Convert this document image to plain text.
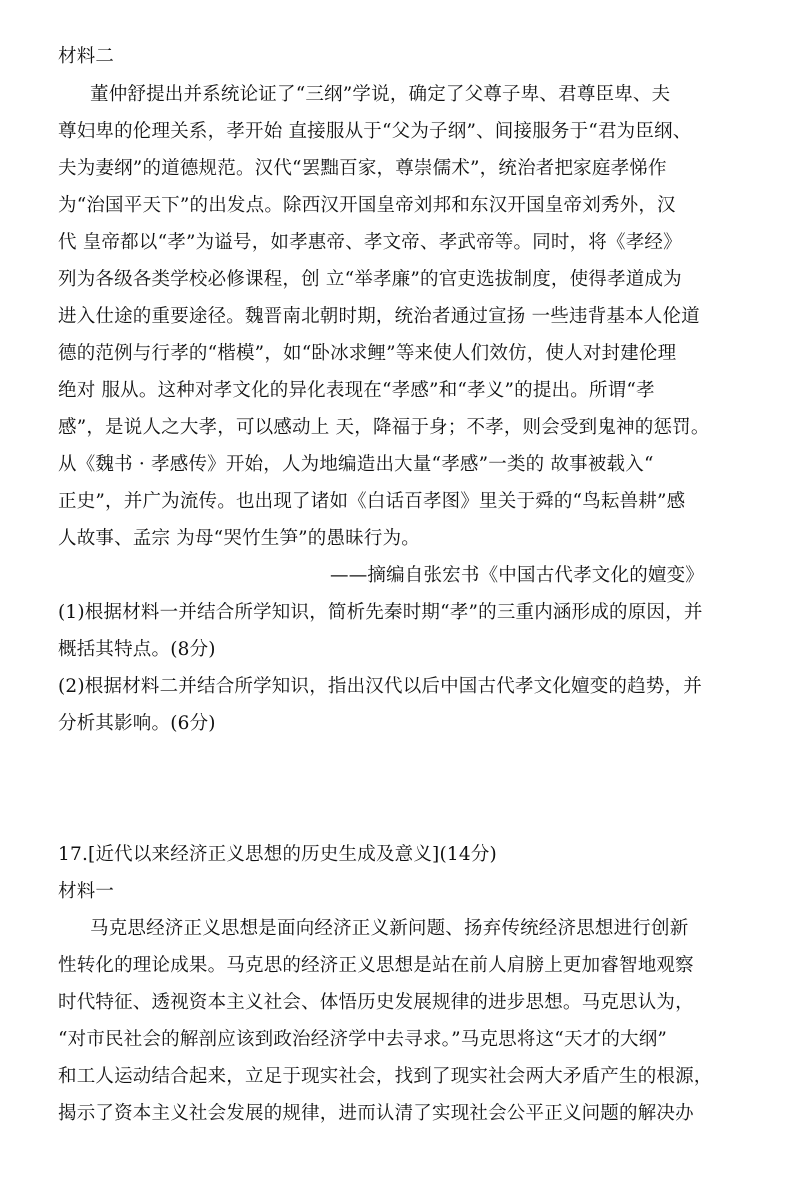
材料二
董仲舒提出并系统论证了“三纲”学说，确定了父尊子卑、君尊臣卑、夫
尊妇卑的伦理关系，孝开始 直接服从于“父为子纲”、间接服务于“君为臣纲、
夫为妻纲”的道德规范。汉代“罢黜百家，尊崇儒术”，统治者把家庭孝悌作
为“治国平天下”的出发点。除西汉开国皇帝刘邦和东汉开国皇帝刘秀外，汉
代 皇帝都以“孝”为谥号，如孝惠帝、孝文帝、孝武帝等。同时，将《孝经》
列为各级各类学校必修课程，创 立“举孝廉”的官吏选拔制度，使得孝道成为
进入仕途的重要途径。魏晋南北朝时期，统治者通过宣扬 一些违背基本人伦道
德的范例与行孝的“楷模”，如“卧冰求鲤”等来使人们效仿，使人对封建伦理
绝对 服从。这种对孝文化的异化表现在“孝感”和“孝义”的提出。所谓“孝
感”，是说人之大孝，可以感动上 天，降福于身；不孝，则会受到鬼神的惩罚。
从《魏书 · 孝感传》开始，人为地编造出大量“孝感”一类的 故事被载入“
正史”，并广为流传。也出现了诸如《白话百孝图》里关于舜的“鸟耘兽耕”感
人故事、孟宗 为母“哭竹生笋”的愚昧行为。
——摘编自张宏书《中国古代孝文化的嬗变》
(1)根据材料一并结合所学知识，简析先秦时期“孝”的三重内涵形成的原因，并
概括其特点。(8分)
(2)根据材料二并结合所学知识，指出汉代以后中国古代孝文化嬗变的趋势，并
分析其影响。(6分)
17.[近代以来经济正义思想的历史生成及意义](14分)
材料一
马克思经济正义思想是面向经济正义新问题、扬弃传统经济思想进行创新
性转化的理论成果。马克思的经济正义思想是站在前人肩膀上更加睿智地观察
时代特征、透视资本主义社会、体悟历史发展规律的进步思想。马克思认为，
“对市民社会的解剖应该到政治经济学中去寻求。”马克思将这“天才的大纲”
和工人运动结合起来，立足于现实社会，找到了现实社会两大矛盾产生的根源，
揭示了资本主义社会发展的规律，进而认清了实现社会公平正义问题的解决办
